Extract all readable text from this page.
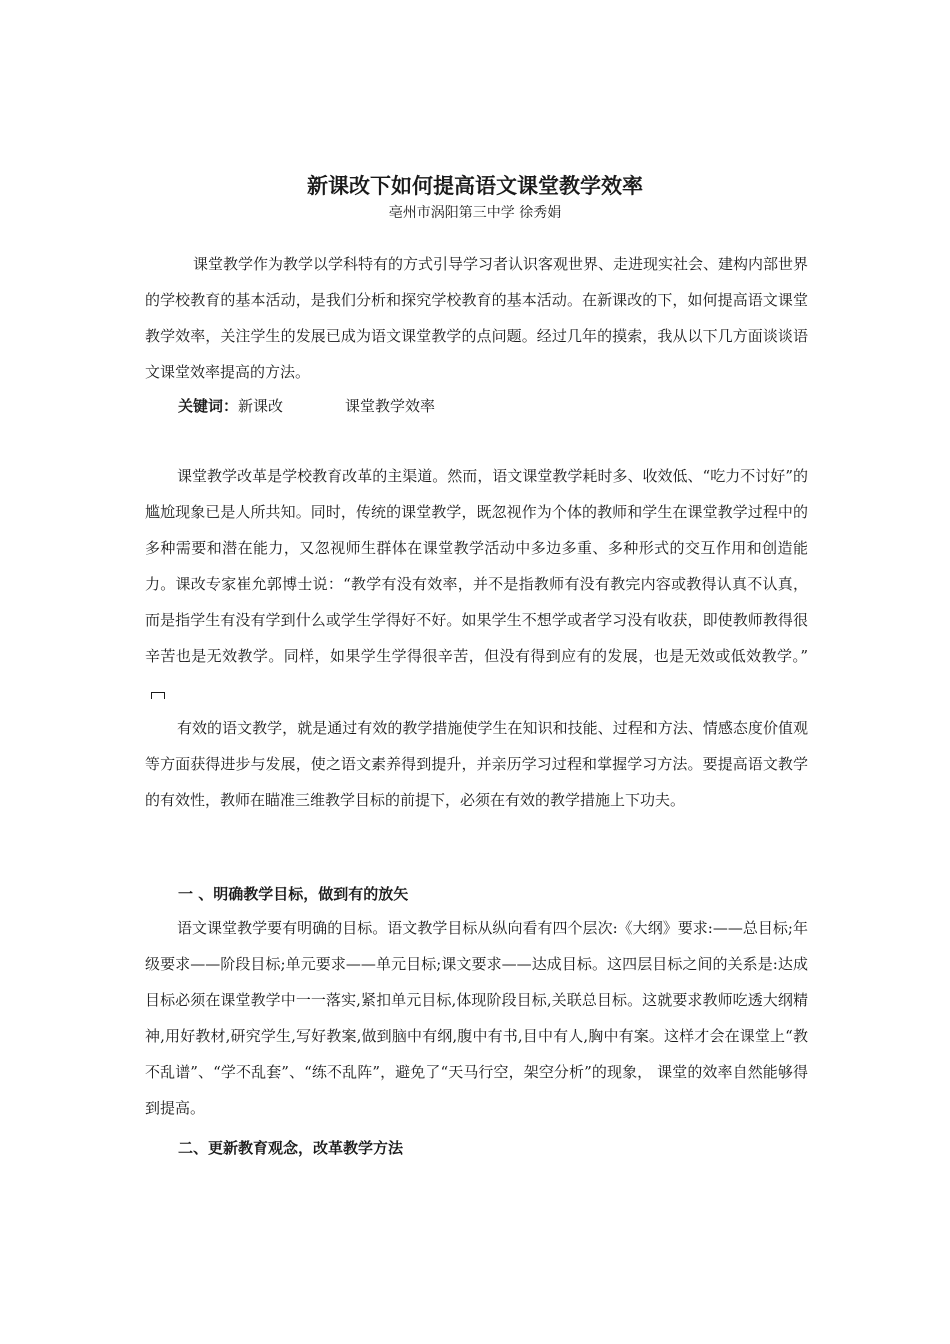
新课改下如何提高语文课堂教学效率
亳州市涡阳第三中学 徐秀娟

课堂教学作为教学以学科特有的方式引导学习者认识客观世界、走进现实社会、建构内部世界的学校教育的基本活动，是我们分析和探究学校教育的基本活动。在新课改的下，如何提高语文课堂教学效率，关注学生的发展已成为语文课堂教学的点问题。经过几年的摸索，我从以下几方面谈谈语文课堂效率提高的方法。

关键词：新课改	课堂教学效率

课堂教学改革是学校教育改革的主渠道。然而，语文课堂教学耗时多、收效低、“吃力不讨好”的尴尬现象已是人所共知。同时，传统的课堂教学，既忽视作为个体的教师和学生在课堂教学过程中的多种需要和潜在能力，又忽视师生群体在课堂教学活动中多边多重、多种形式的交互作用和创造能力。课改专家崔允郭博士说：“教学有没有效率，并不是指教师有没有教完内容或教得认真不认真，而是指学生有没有学到什么或学生学得好不好。如果学生不想学或者学习没有收获，即使教师教得很辛苦也是无效教学。同样，如果学生学得很辛苦，但没有得到应有的发展，也是无效或低效教学。”

有效的语文教学，就是通过有效的教学措施使学生在知识和技能、过程和方法、情感态度价值观等方面获得进步与发展，使之语文素养得到提升，并亲历学习过程和掌握学习方法。要提高语文教学的有效性，教师在瞄准三维教学目标的前提下，必须在有效的教学措施上下功夫。

一 、明确教学目标，做到有的放矢

语文课堂教学要有明确的目标。语文教学目标从纵向看有四个层次:《大纲》要求:——总目标;年级要求——阶段目标;单元要求——单元目标;课文要求——达成目标。这四层目标之间的关系是:达成目标必须在课堂教学中一一落实,紧扣单元目标,体现阶段目标,关联总目标。这就要求教师吃透大纲精神,用好教材,研究学生,写好教案,做到脑中有纲,腹中有书,目中有人,胸中有案。这样才会在课堂上“教不乱谱”、“学不乱套”、“练不乱阵”，避免了“天马行空，架空分析”的现象， 课堂的效率自然能够得到提高。

二、更新教育观念，改革教学方法
